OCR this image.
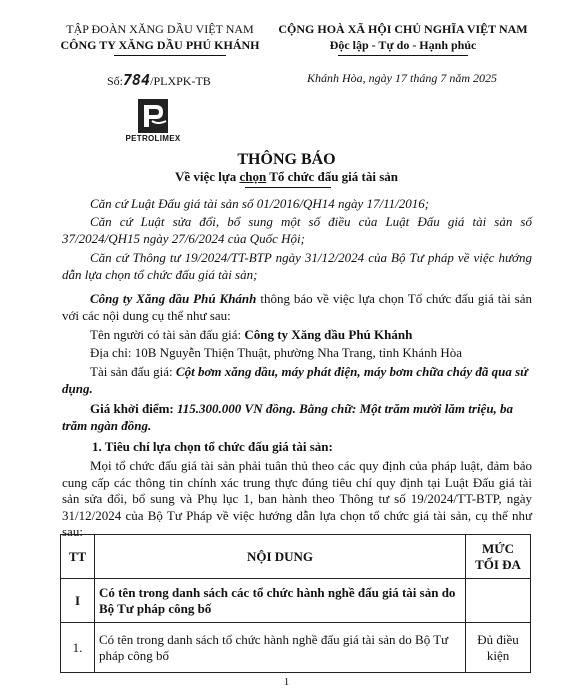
TẬP ĐOÀN XĂNG DẦU VIỆT NAM
CÔNG TY XĂNG DẦU PHÚ KHÁNH
CỘNG HOÀ XÃ HỘI CHỦ NGHĨA VIỆT NAM
Độc lập - Tự do - Hạnh phúc
Số:784/PLXPK-TB	Khánh Hòa, ngày 17 tháng 7 năm 2025
PETROLIMEX
THÔNG BÁO
Về việc lựa chọn Tổ chức đấu giá tài sản
Căn cứ Luật Đấu giá tài sản số 01/2016/QH14 ngày 17/11/2016;
Căn cứ Luật sửa đổi, bổ sung một số điều của Luật Đấu giá tài sản số 37/2024/QH15 ngày 27/6/2024 của Quốc Hội;
Căn cứ Thông tư 19/2024/TT-BTP ngày 31/12/2024 của Bộ Tư pháp về việc hướng dẫn lựa chọn tổ chức đấu giá tài sản;
Công ty Xăng dầu Phú Khánh thông báo về việc lựa chọn Tổ chức đấu giá tài sản với các nội dung cụ thể như sau:
Tên người có tài sản đấu giá: Công ty Xăng dầu Phú Khánh
Địa chỉ: 10B Nguyễn Thiện Thuật, phường Nha Trang, tỉnh Khánh Hòa
Tài sản đấu giá: Cột bơm xăng dầu, máy phát điện, máy bơm chữa cháy đã qua sử dụng.
Giá khởi điểm: 115.300.000 VN đồng. Bằng chữ: Một trăm mười lăm triệu, ba trăm ngàn đồng.
1. Tiêu chí lựa chọn tổ chức đấu giá tài sản:
Mọi tổ chức đấu giá tài sản phải tuân thủ theo các quy định của pháp luật, đảm bảo cung cấp các thông tin chính xác trung thực đúng tiêu chí quy định tại Luật Đấu giá tài sản sửa đổi, bổ sung và Phụ lục 1, ban hành theo Thông tư số 19/2024/TT-BTP, ngày 31/12/2024 của Bộ Tư Pháp về việc hướng dẫn lựa chọn tổ chức giá tài sản, cụ thể như sau:
TT	NỘI DUNG	MỨC TỐI ĐA
I	Có tên trong danh sách các tổ chức hành nghề đấu giá tài sản do Bộ Tư pháp công bố	
1.	Có tên trong danh sách tổ chức hành nghề đấu giá tài sản do Bộ Tư pháp công bố	Đủ điều kiện
1
